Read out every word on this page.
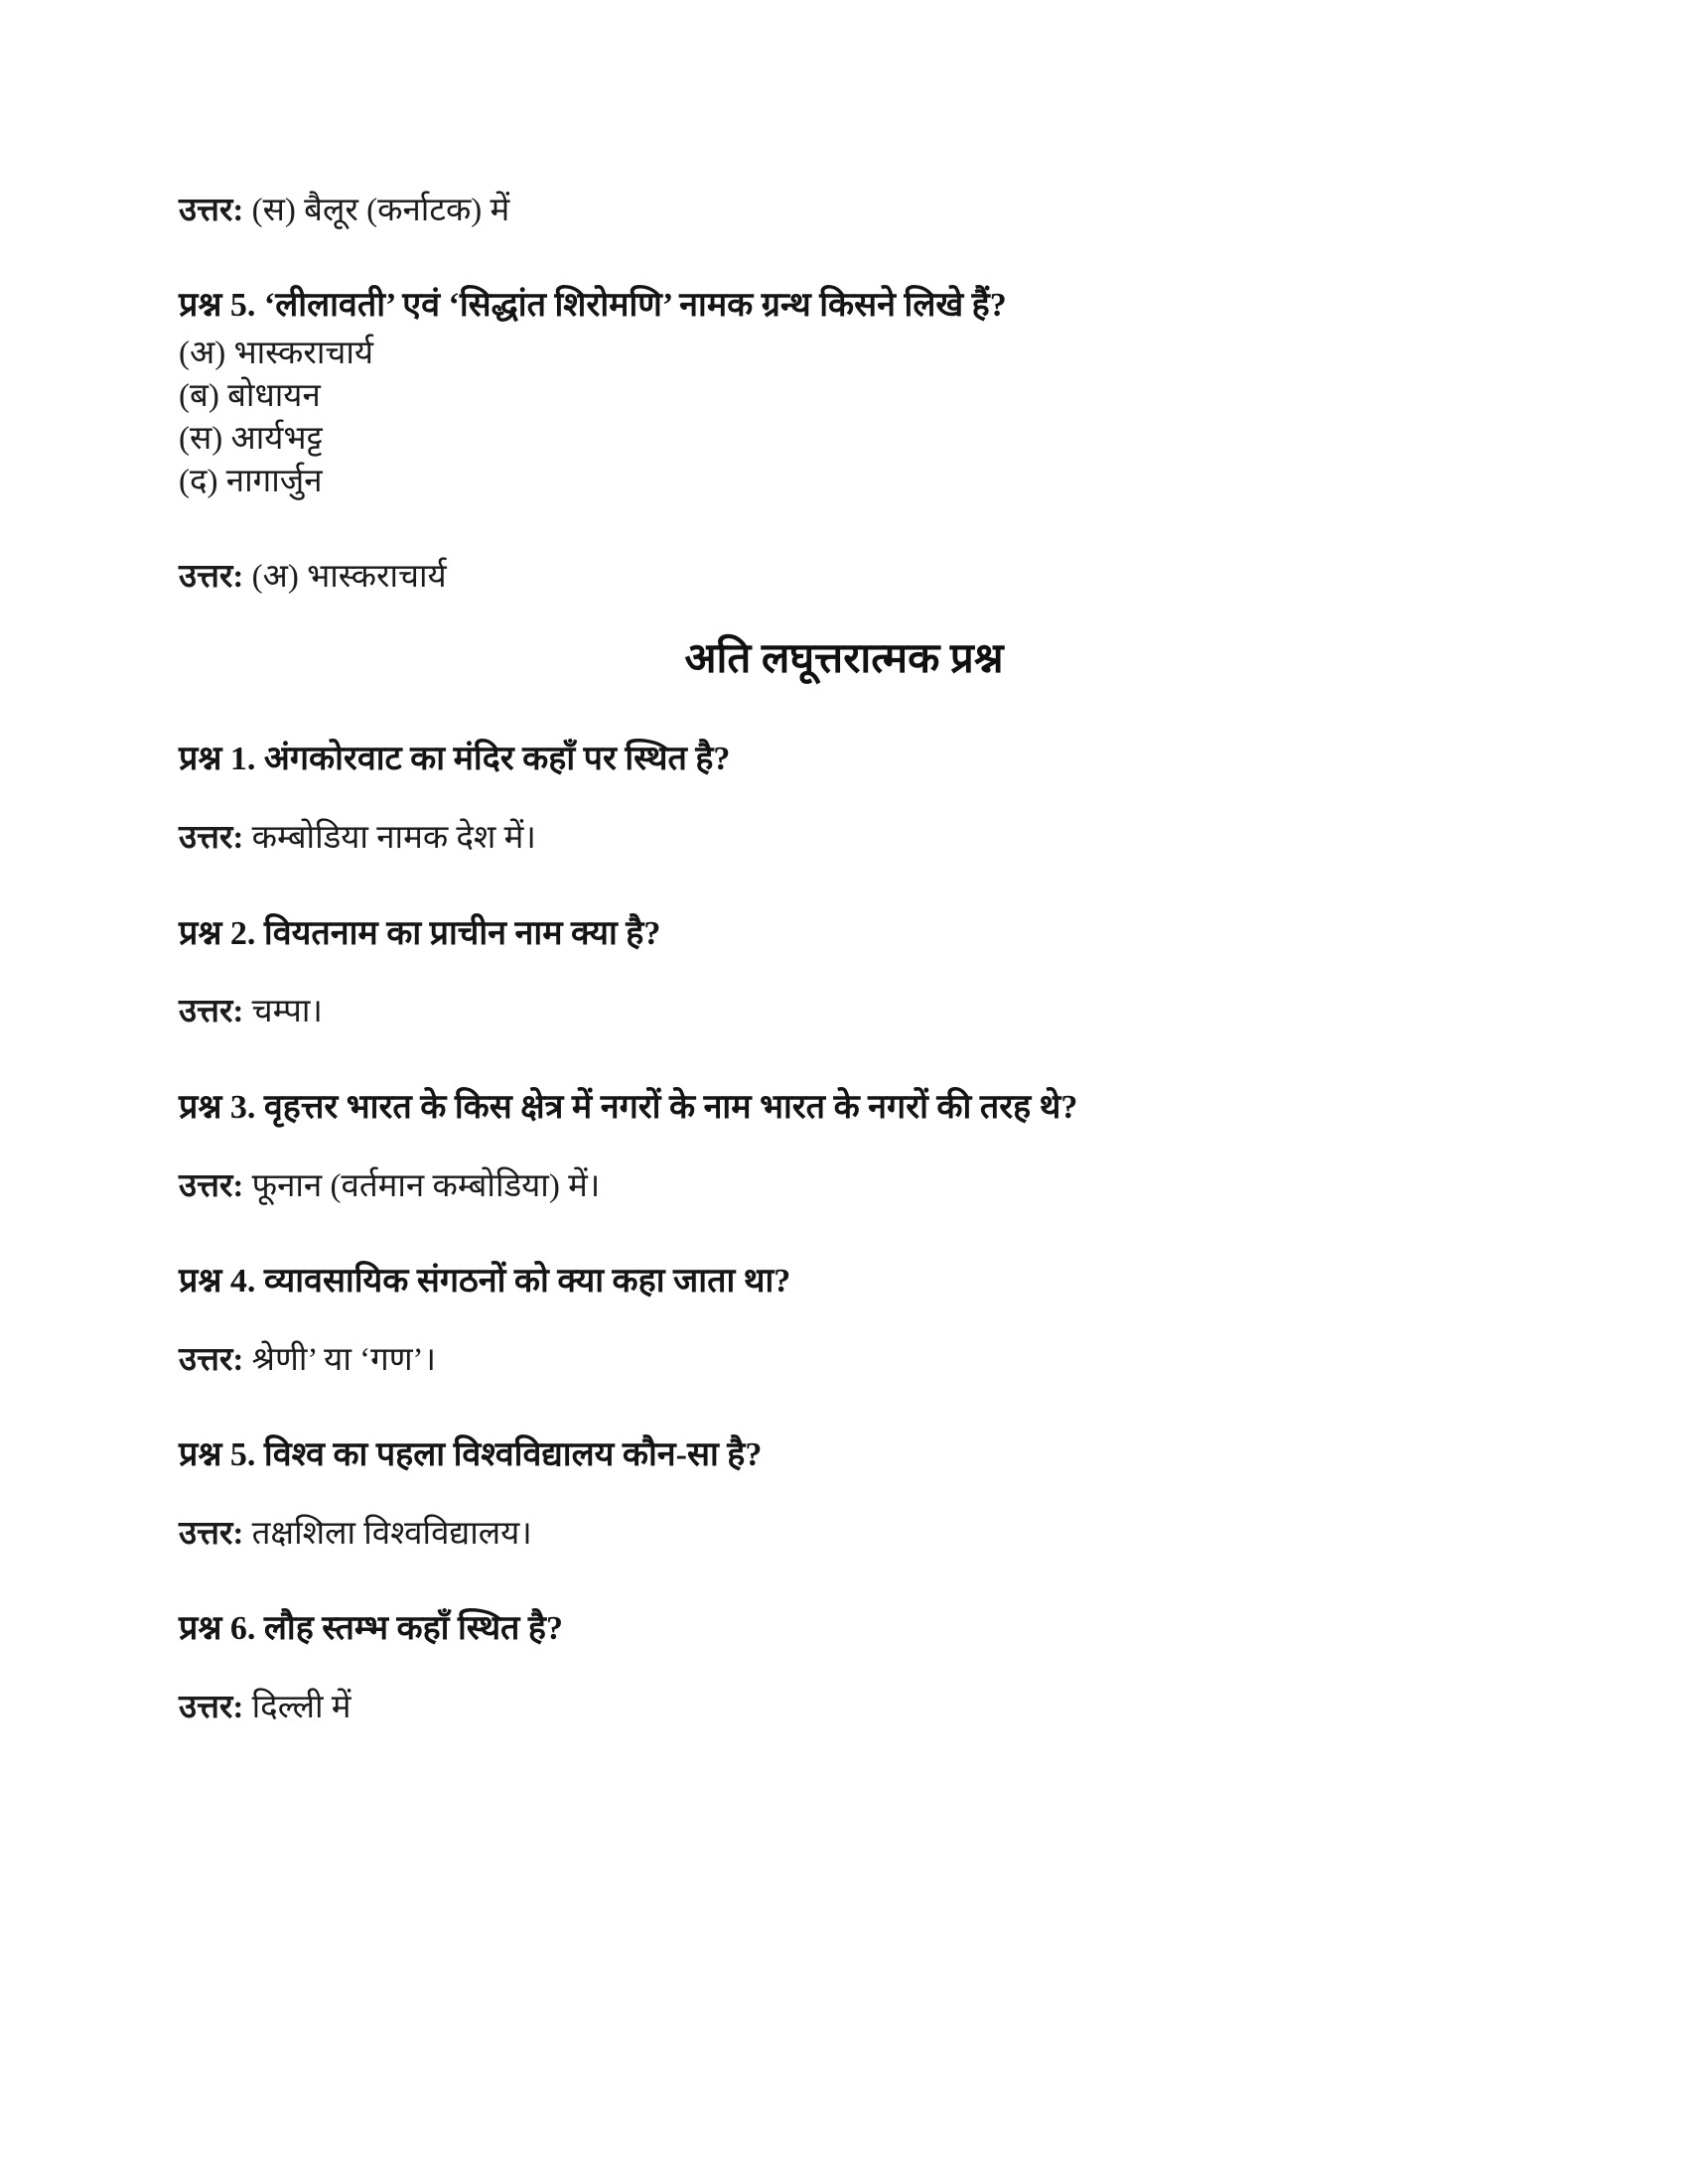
उत्तर: (स) बैलूर (कर्नाटक) में

प्रश्न 5. ‘लीलावती’ एवं ‘सिद्धांत शिरोमणि’ नामक ग्रन्थ किसने लिखे हैं?

(अ) भास्कराचार्य

(ब) बोधायन

(स) आर्यभट्ट

(द) नागार्जुन

उत्तर: (अ) भास्कराचार्य

अति लघूत्तरात्मक प्रश्न

प्रश्न 1. अंगकोरवाट का मंदिर कहाँ पर स्थित है?

उत्तर: कम्बोडिया नामक देश में।

प्रश्न 2. वियतनाम का प्राचीन नाम क्या है?

उत्तर: चम्पा।

प्रश्न 3. वृहत्तर भारत के किस क्षेत्र में नगरों के नाम भारत के नगरों की तरह थे?

उत्तर: फूनान (वर्तमान कम्बोडिया) में।

प्रश्न 4. व्यावसायिक संगठनों को क्या कहा जाता था?

उत्तर: श्रेणी’ या ‘गण’।

प्रश्न 5. विश्व का पहला विश्वविद्यालय कौन-सा है?

उत्तर: तक्षशिला विश्वविद्यालय।

प्रश्न 6. लौह स्तम्भ कहाँ स्थित है?

उत्तर: दिल्ली में
